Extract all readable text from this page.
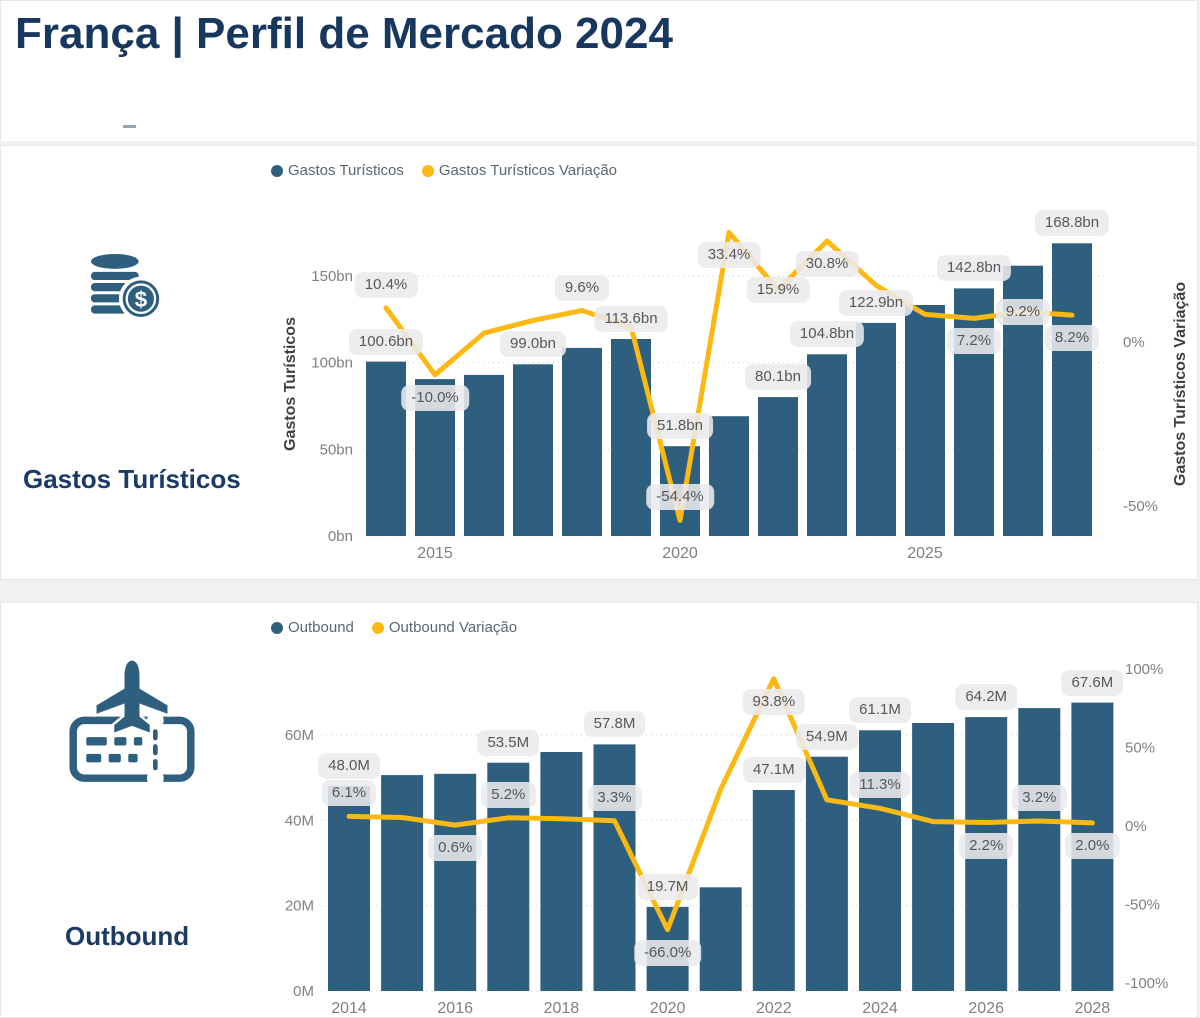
França | Perfil de Mercado 2024
$
Gastos Turísticos
Gastos Turísticos Gastos Turísticos Variação
Gastos Turísticos	Gastos Turísticos Variação
150bn
100bn
50bn
0bn
0%
-50%
2015	2020	2025
100.6bn	99.0bn
113.6bn
51.8bn
80.1bn
104.8bn
122.9bn
142.8bn
168.8bn
10.4%
-10.0%
9.6%
-54.4%
33.4%
15.9%
30.8%
7.2%
9.2%
8.2%
Outbound
Outbound Outbound Variação
60M
40M
20M
0M
100%
50%
0%
-50%
-100%
2014	2016	2018	2020	2022	2024	2026	2028
48.0M
53.5M
57.8M
19.7M
47.1M
54.9M
61.1M
64.2M
67.6M
6.1%
0.6%
5.2%	3.3%
-66.0%
93.8%
11.3%
2.2%
3.2%
2.0%
